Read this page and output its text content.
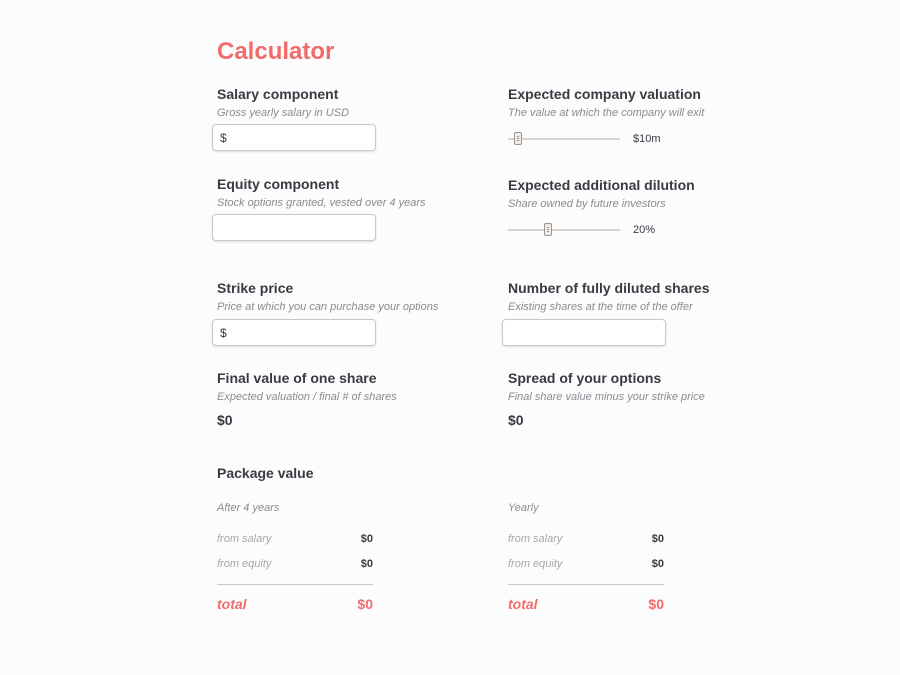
Calculator
Salary component
Gross yearly salary in USD
$
Expected company valuation
The value at which the company will exit
$10m
Equity component
Stock options granted, vested over 4 years
Expected additional dilution
Share owned by future investors
20%
Strike price
Price at which you can purchase your options
$
Number of fully diluted shares
Existing shares at the time of the offer
Final value of one share
Expected valuation / final # of shares
$0
Spread of your options
Final share value minus your strike price
$0
Package value
After 4 years
from salary	$0
from equity	$0
total	$0
Yearly
from salary	$0
from equity	$0
total	$0
